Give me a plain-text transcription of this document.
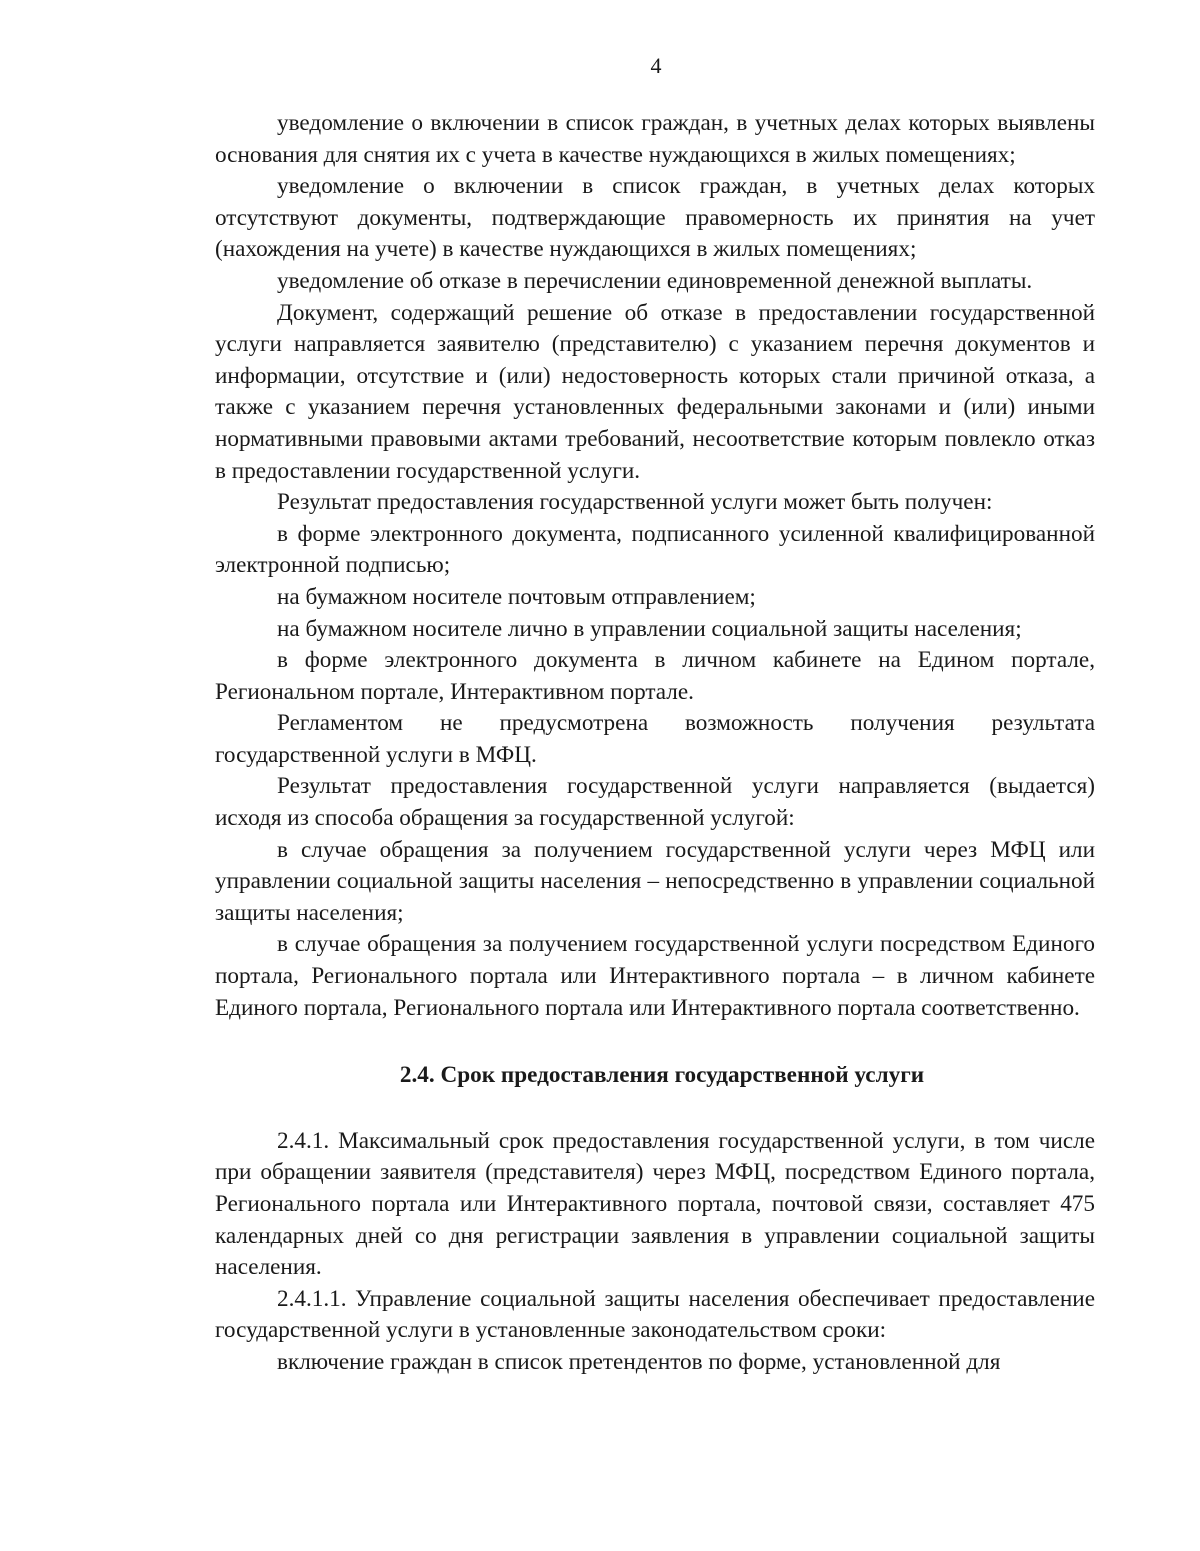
4

уведомление о включении в список граждан, в учетных делах которых выявлены основания для снятия их с учета в качестве нуждающихся в жилых помещениях;

уведомление о включении в список граждан, в учетных делах которых отсутствуют документы, подтверждающие правомерность их принятия на учет (нахождения на учете) в качестве нуждающихся в жилых помещениях;

уведомление об отказе в перечислении единовременной денежной выплаты.

Документ, содержащий решение об отказе в предоставлении государственной услуги направляется заявителю (представителю) с указанием перечня документов и информации, отсутствие и (или) недостоверность которых стали причиной отказа, а также с указанием перечня установленных федеральными законами и (или) иными нормативными правовыми актами требований, несоответствие которым повлекло отказ в предоставлении государственной услуги.

Результат предоставления государственной услуги может быть получен:

в форме электронного документа, подписанного усиленной квалифицированной электронной подписью;

на бумажном носителе почтовым отправлением;

на бумажном носителе лично в управлении социальной защиты населения;

в форме электронного документа в личном кабинете на Едином портале, Региональном портале, Интерактивном портале.

Регламентом не предусмотрена возможность получения результата государственной услуги в МФЦ.

Результат предоставления государственной услуги направляется (выдается) исходя из способа обращения за государственной услугой:

в случае обращения за получением государственной услуги через МФЦ или управлении социальной защиты населения – непосредственно в управлении социальной защиты населения;

в случае обращения за получением государственной услуги посредством Единого портала, Регионального портала или Интерактивного портала – в личном кабинете Единого портала, Регионального портала или Интерактивного портала соответственно.

2.4. Срок предоставления государственной услуги

2.4.1. Максимальный срок предоставления государственной услуги, в том числе при обращении заявителя (представителя) через МФЦ, посредством Единого портала, Регионального портала или Интерактивного портала, почтовой связи, составляет 475 календарных дней со дня регистрации заявления в управлении социальной защиты населения.

2.4.1.1. Управление социальной защиты населения обеспечивает предоставление государственной услуги в установленные законодательством сроки:

включение граждан в список претендентов по форме, установленной для
